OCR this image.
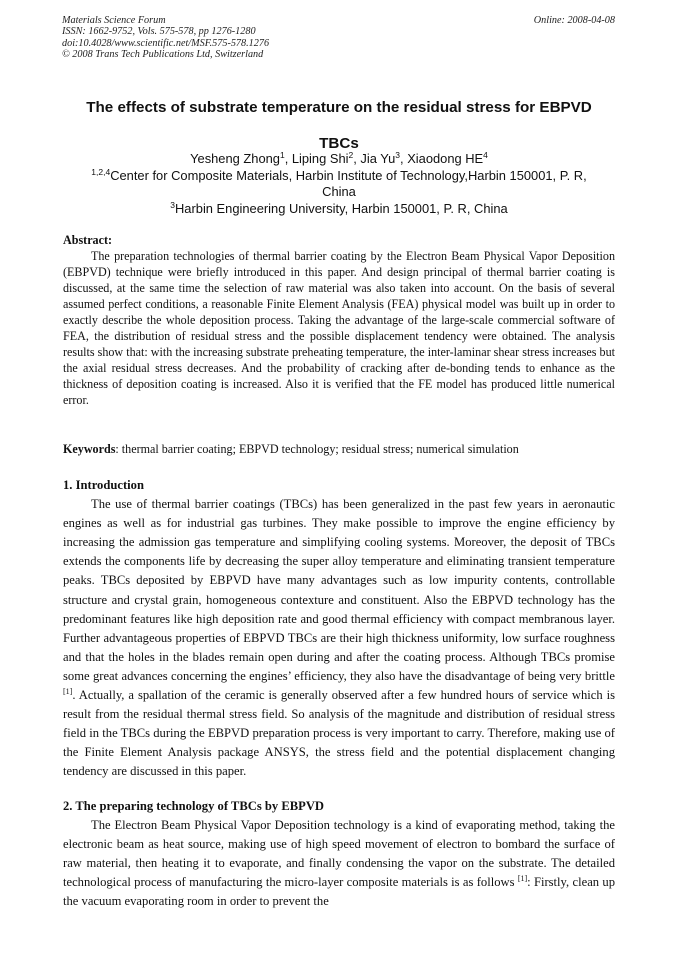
Materials Science Forum
ISSN: 1662-9752, Vols. 575-578, pp 1276-1280
doi:10.4028/www.scientific.net/MSF.575-578.1276
© 2008 Trans Tech Publications Ltd, Switzerland
Online: 2008-04-08
The effects of substrate temperature on the residual stress for EBPVD
TBCs
Yesheng Zhong$^1$, Liping Shi$^2$, Jia Yu$^3$, Xiaodong $HE^4$
$^{1,2,4}$Center for Composite Materials, Harbin Institute of Technology,Harbin 150001, P. R,
China
$^3$Harbin Engineering University, Harbin 150001, P. R, China
Abstract:

The preparation technologies of thermal barrier coating by the Electron Beam Physical Vapor Deposition (EBPVD) technique were briefly introduced in this paper. And design principal of thermal barrier coating is discussed, at the same time the selection of raw material was also taken into account. On the basis of several assumed perfect conditions, a reasonable Finite Element Analysis (FEA) physical model was built up in order to exactly describe the whole deposition process. Taking the advantage of the large-scale commercial software of FEA, the distribution of residual stress and the possible displacement tendency were obtained. The analysis results show that: with the increasing substrate preheating temperature, the inter-laminar shear stress increases but the axial residual stress decreases. And the probability of cracking after de-bonding tends to enhance as the thickness of deposition coating is increased. Also it is verified that the FE model has produced little numerical error.

Keywords: thermal barrier coating; EBPVD technology; residual stress; numerical simulation
1. Introduction

The use of thermal barrier coatings (TBCs) has been generalized in the past few years in aeronautic engines as well as for industrial gas turbines. They make possible to improve the engine efficiency by increasing the admission gas temperature and simplifying cooling systems. Moreover, the deposit of TBCs extends the components life by decreasing the super alloy temperature and eliminating transient temperature peaks. TBCs deposited by EBPVD have many advantages such as low impurity contents, controllable structure and crystal grain, homogeneous contexture and constituent. Also the EBPVD technology has the predominant features like high deposition rate and good thermal efficiency with compact membranous layer. Further advantageous properties of EBPVD TBCs are their high thickness uniformity, low surface roughness and that the holes in the blades remain open during and after the coating process. Although TBCs promise some great advances concerning the engines’ efficiency, they also have the disadvantage of being very brittle [1]. Actually, a spallation of the ceramic is generally observed after a few hundred hours of service which is result from the residual thermal stress field. So analysis of the magnitude and distribution of residual stress field in the TBCs during the EBPVD preparation process is very important to carry. Therefore, making use of the Finite Element Analysis package ANSYS, the stress field and the potential displacement changing tendency are discussed in this paper.

2. The preparing technology of TBCs by EBPVD

The Electron Beam Physical Vapor Deposition technology is a kind of evaporating method, taking the electronic beam as heat source, making use of high speed movement of electron to bombard the surface of raw material, then heating it to evaporate, and finally condensing the vapor on the substrate. The detailed technological process of manufacturing the micro-layer composite materials is as follows [1]: Firstly, clean up the vacuum evaporating room in order to prevent the
